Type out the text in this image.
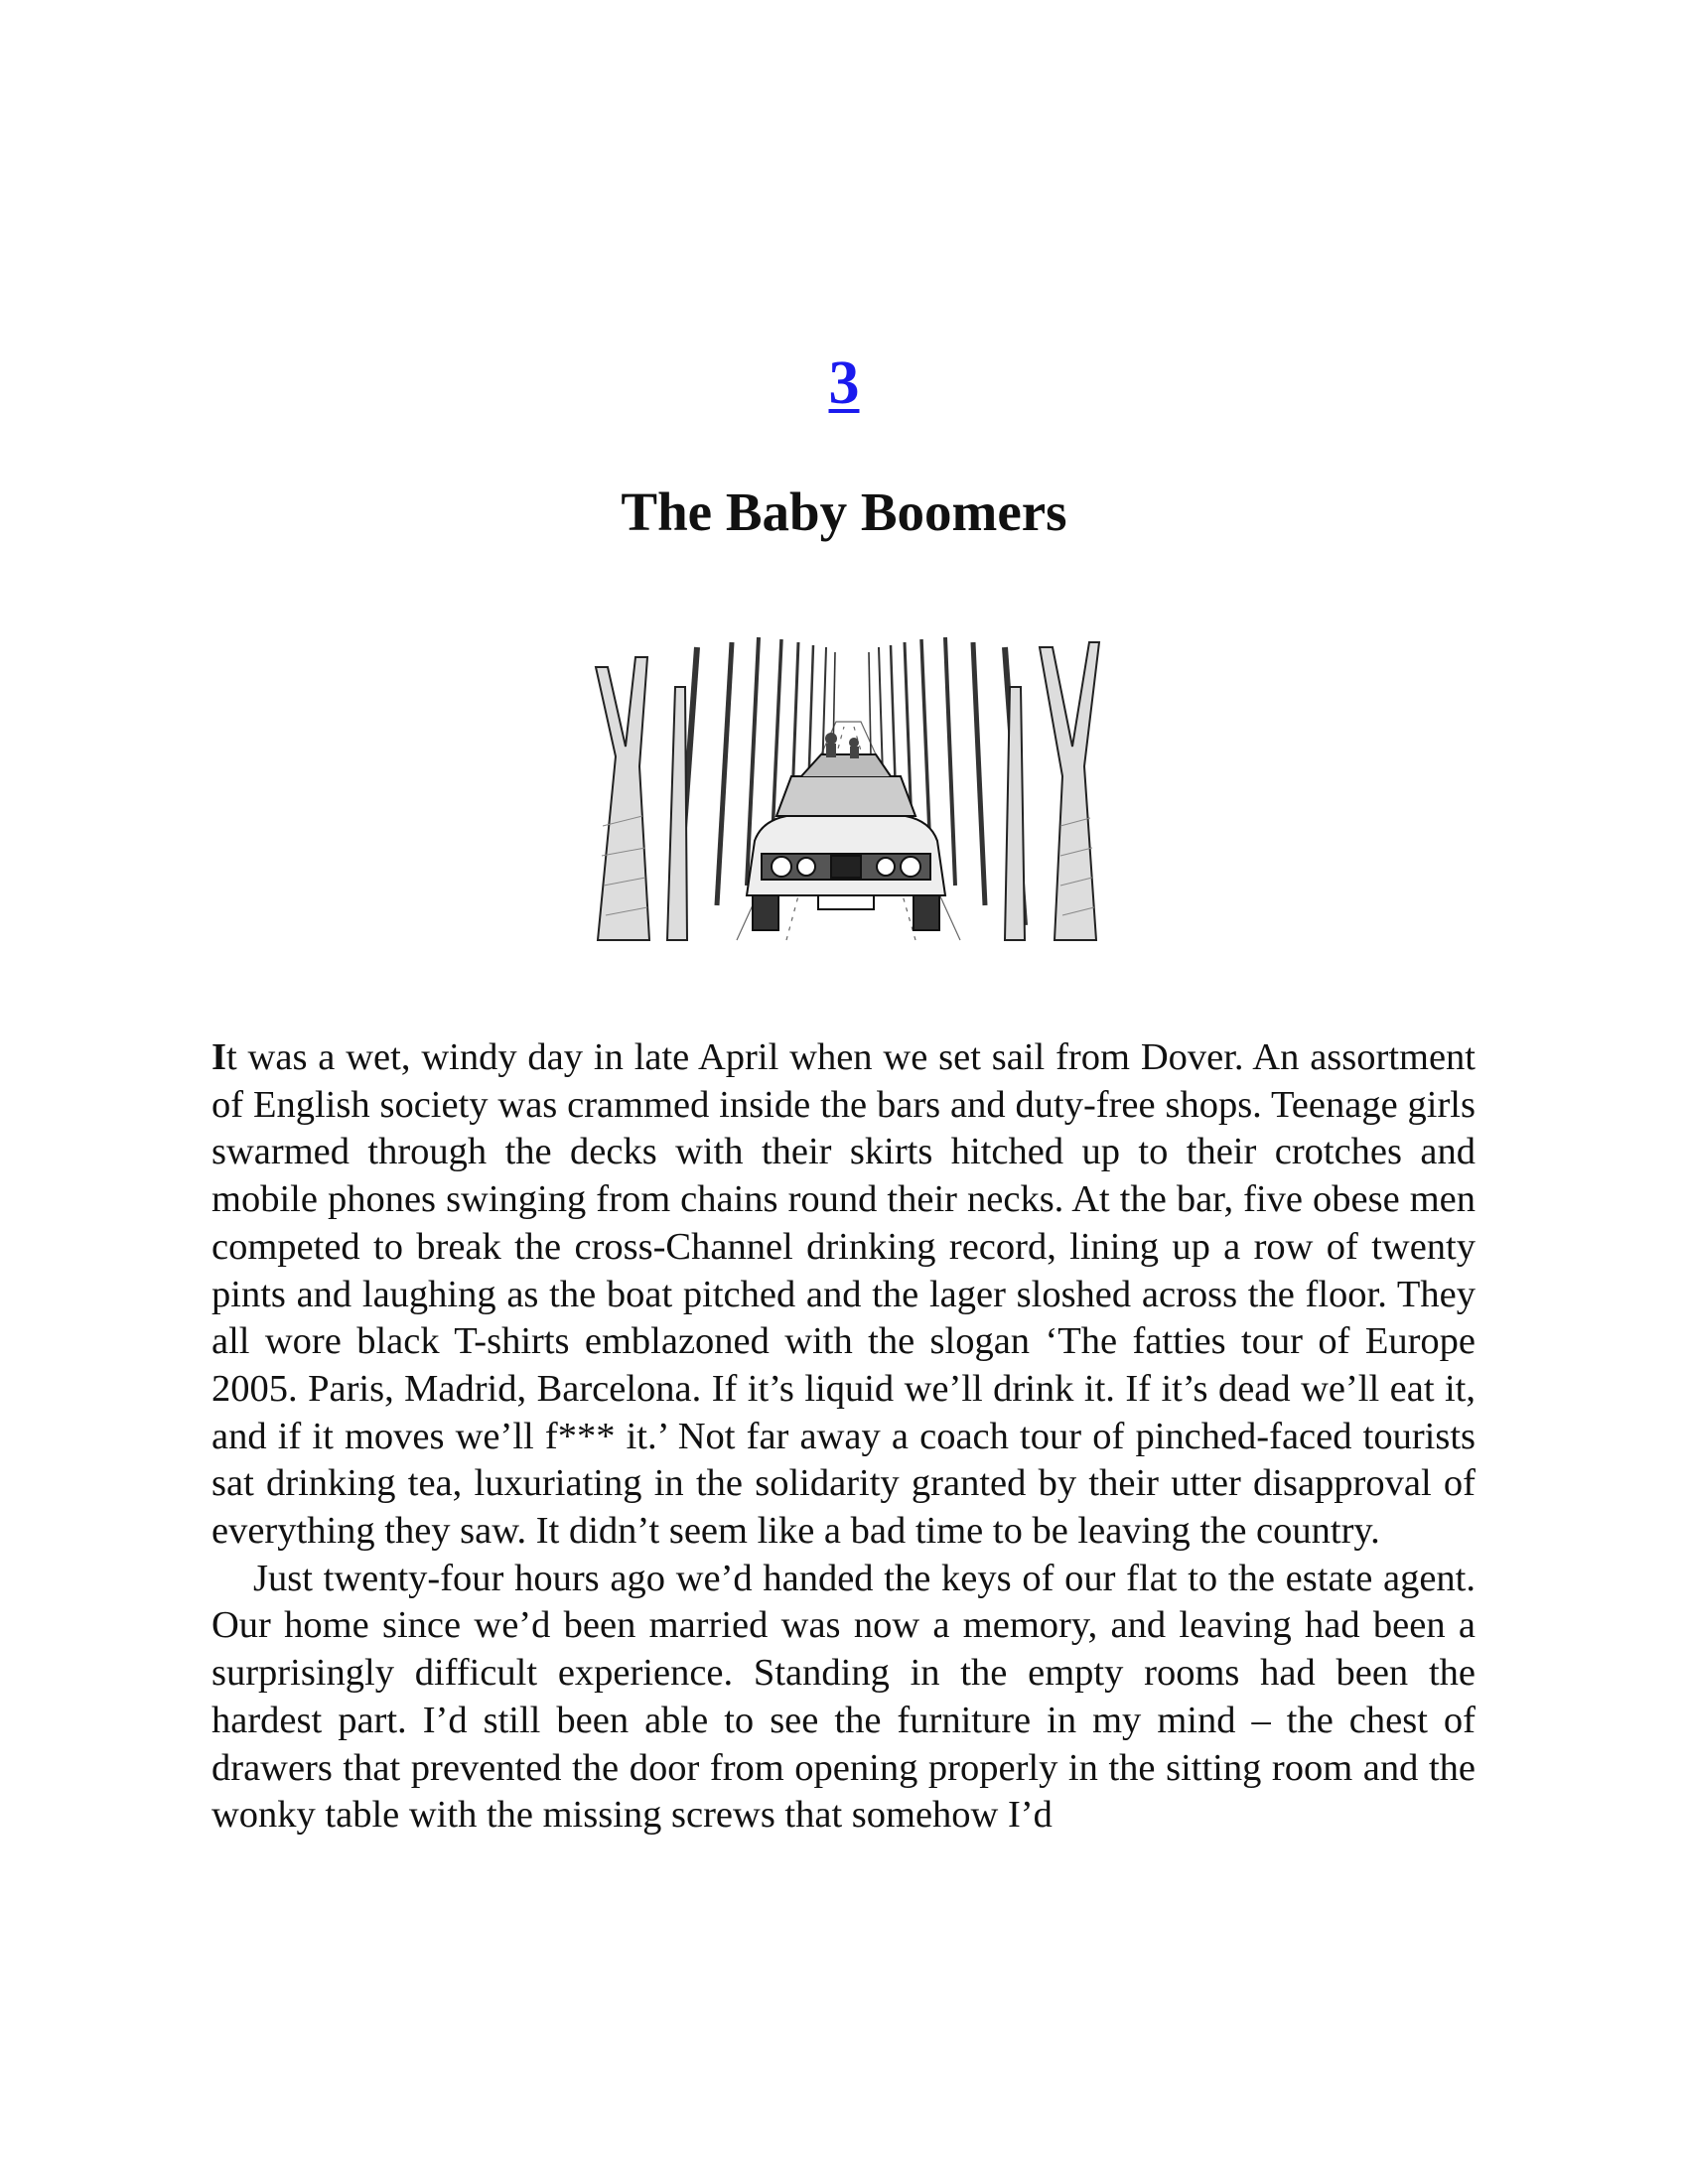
3
The Baby Boomers

It was a wet, windy day in late April when we set sail from Dover. An assortment of English society was crammed inside the bars and duty-free shops. Teenage girls swarmed through the decks with their skirts hitched up to their crotches and mobile phones swinging from chains round their necks. At the bar, five obese men competed to break the cross-Channel drinking record, lining up a row of twenty pints and laughing as the boat pitched and the lager sloshed across the floor. They all wore black T-shirts emblazoned with the slogan ‘The fatties tour of Europe 2005. Paris, Madrid, Barcelona. If it’s liquid we’ll drink it. If it’s dead we’ll eat it, and if it moves we’ll f*** it.’ Not far away a coach tour of pinched-faced tourists sat drinking tea, luxuriating in the solidarity granted by their utter disapproval of everything they saw. It didn’t seem like a bad time to be leaving the country.

Just twenty-four hours ago we’d handed the keys of our flat to the estate agent. Our home since we’d been married was now a memory, and leaving had been a surprisingly difficult experience. Standing in the empty rooms had been the hardest part. I’d still been able to see the furniture in my mind – the chest of drawers that prevented the door from opening properly in the sitting room and the wonky table with the missing screws that somehow I’d
